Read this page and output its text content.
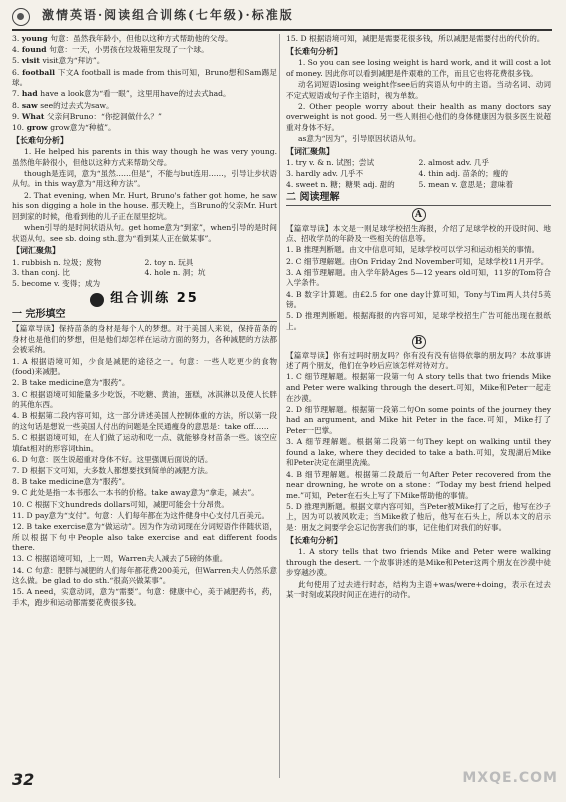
激情英语·阅读组合训练(七年级)·标准版
3. young 句意：虽然我年龄小，但他以这种方式帮助他的父母。
4. found 句意：一天，小男孩在垃圾箱里发现了一个球。
5. visit visit意为“拜访”。
6. football 下文A football is made from this可知，Bruno想和Sam踢足球。
7. had have a look意为“看一眼”，这里用have的过去式had。
8. saw see的过去式为saw。
9. What 父亲问Bruno：“你挖洞做什么？”
10. grow grow意为“种植”。
【长难句分析】
1. He helped his parents in this way though he was very young. 虽然他年龄很小，但他以这种方式来帮助父母。
though是连词，意为“虽然……但是”，不能与but连用……，引导让步状语从句。in this way意为“用这种方法”。
2. That evening, when Mr. Hurt, Bruno's father got home, he saw his son digging a hole in the house. 那天晚上，当Bruno的父亲Mr. Hurt回到家的时候，他看到他的儿子正在屋里挖坑。
when引导的是时间状语从句。get home意为“到家”，when引导的是时间状语从句。see sb. doing sth.意为“看到某人正在做某事”。
【词汇聚焦】
1. rubbish n. 垃圾；废物	2. toy n. 玩具
3. than conj. 比	4. hole n. 洞；坑
5. become v. 变得；成为
组合训练 25
一 完形填空
【篇章导读】保持苗条的身材是每个人的梦想。对于美国人来说，保持苗条的身材也是他们的梦想，但是他们却怎样在运动方面的努力，各种減肥的方法都会被采纳。
1. A 根据语境可知，少食是减肥的途径之一。句意：一些人吃更少的食物(food)来减肥。
2. B take medicine意为“服药”。
3. C 根据语境可知能量多少吃饭，不吃糖、黄油，蛋糕，冰淇淋以及使人长胖的其他东西。
4. B 根据第二段内容可知，这一部分讲述美国人控制体重的方法，所以第一段的这句话是想说一些美国人付出的问题是全民通瘦身的意思是：take off……
5. C 根据语境可知，在人们做了运动和吃一点、就能够身材苗条一些。该空应填fat相对的形容词thin。
6. D 句意：医生说超重对身体不好。这里强调后面说的话。
7. D 根据下文可知，大多数人都想要找到简单的减肥方法。
8. B take medicine意为“服药”。
9. C 此处是指一本书那么一本书的价格。take away意为“拿走，减去”。
10. C 根据下文hundreds dollars可知，减肥可能会十分昂贵。
11. D pay意为“支付”。句意：人们每年都在为这件健身中心支付几百美元。
12. B take exercise意为“做运动”。因为作为动词现在分词短语作伴随状语，所以根据下句中People also take exercise and eat different foods there.
13. C 根据语境可知，上一周，Warren夫人减去了5磅的体重。
14. C 句意：肥胖与减肥的人们每年都花费200美元，但Warren夫人仍然乐意这么做。be glad to do sth.“很高兴做某事”。
15. A need，实意动词，意为“需要”。句意：健康中心，美于减肥药书，药，手术，跑步和运动都需要花费很多钱。
15. D 根据语境可知，减肥是需要花很多钱，所以减肥是需要付出的代价的。
【长难句分析】
1. So you can see losing weight is hard work, and it will cost a lot of money. 因此你可以看到减肥是件艰难的工作，而且它也将花费很多钱。
动名词短语losing weight作see后的宾语从句中的主语。当动名词、动词不定式短语或句子作主语时，视为单数。
2. Other people worry about their health as many doctors say overweight is not good. 另一些人则担心他们的身体健康因为很多医生说超重对身体不好。
as意为“因为”，引导原因状语从句。
【词汇聚焦】
1. try v. & n. 试图；尝试	2. almost adv. 几乎
3. hardly adv. 几乎不	4. thin adj. 苗条的；瘦的
4. sweet n. 糖；糖果 adj. 甜的	5. mean v. 意思是；意味着
二 阅读理解
A
【篇章导读】本文是一则足球学校招生海报，介绍了足球学校的开设时间、地点、招收学员的年龄及一些相关的信息等。
1. B 推理判断题。由文中信息可知，足球学校可以学习和运动相关的事情。
2. C 细节理解题。由On Friday 2nd November可知，足球学校11月开学。
3. A 细节理解题。由入学年龄Ages 5—12 years old可知，11岁的Tom符合入学条件。
4. B 数字计算题。由£2.5 for one day计算可知，Tony与Tim两人共付5英镑。
5. D 推理判断题。根据海报的内容可知，足球学校招生广告可能出现在报纸上。
B
【篇章导读】你有过吗时朋友吗？你有没有没有信得依靠的朋友吗？本故事讲述了两个朋友，他们在争吵后应该怎样对待对方。
1. C 细节理解题。根据第一段第一句 A story tells that two friends Mike and Peter were walking through the desert.可知，Mike和Peter一起走在沙漠。
2. D 细节理解题。根据第一段第二句On some points of the journey they had an argument, and Mike hit Peter in the face.可知，Mike打了Peter一巴掌。
3. A 细节理解题。根据第二段第一句They kept on walking until they found a lake, where they decided to take a bath.可知，发现湖后Mike和Peter决定在湖里洗澡。
4. B 细节理解题。根据第二段最后一句After Peter recovered from the near drowning, he wrote on a stone：“Today my best friend helped me.”可知，Peter在石头上写了下Mike帮助他的事情。
5. D 推理判断题。根据文章内容可知，当Peter被Mike打了之后，他写在沙子上，因为可以被风吹走；当Mike救了他后，他写在石头上，所以本文的启示是：朋友之间要学会忘记伤害我们的事，记住他们对我们的好事。
【长难句分析】
1. A story tells that two friends Mike and Peter were walking through the desert. 一个故事讲述的是Mike和Peter这两个朋友在沙漠中徒步穿越沙漠。
此句使用了过去进行时态，结构为主语+was/were+doing，表示在过去某一时刻或某段时间正在进行的动作。
32	MXQE.COM
